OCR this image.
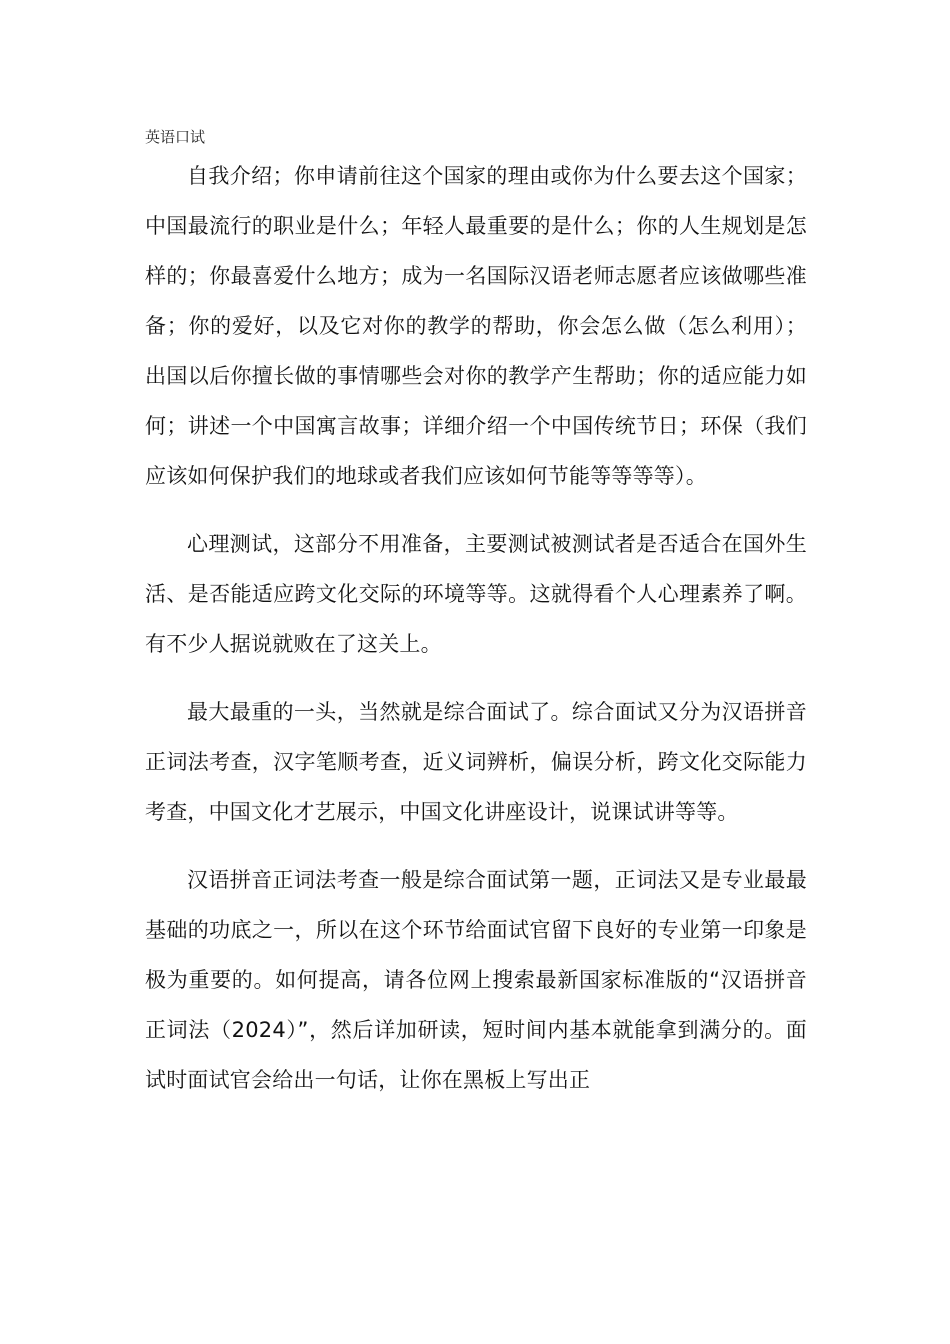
英语口试

自我介绍；你申请前往这个国家的理由或你为什么要去这个国家；中国最流行的职业是什么；年轻人最重要的是什么；你的人生规划是怎样的；你最喜爱什么地方；成为一名国际汉语老师志愿者应该做哪些准备；你的爱好，以及它对你的教学的帮助，你会怎么做（怎么利用）；出国以后你擅长做的事情哪些会对你的教学产生帮助；你的适应能力如何；讲述一个中国寓言故事；详细介绍一个中国传统节日；环保（我们应该如何保护我们的地球或者我们应该如何节能等等等等）。

心理测试，这部分不用准备，主要测试被测试者是否适合在国外生活、是否能适应跨文化交际的环境等等。这就得看个人心理素养了啊。有不少人据说就败在了这关上。

最大最重的一头，当然就是综合面试了。综合面试又分为汉语拼音正词法考查，汉字笔顺考查，近义词辨析，偏误分析，跨文化交际能力考查，中国文化才艺展示，中国文化讲座设计，说课试讲等等。

汉语拼音正词法考查一般是综合面试第一题，正词法又是专业最最基础的功底之一，所以在这个环节给面试官留下良好的专业第一印象是极为重要的。如何提高，请各位网上搜索最新国家标准版的“汉语拼音正词法（2024）”，然后详加研读，短时间内基本就能拿到满分的。面试时面试官会给出一句话，让你在黑板上写出正
